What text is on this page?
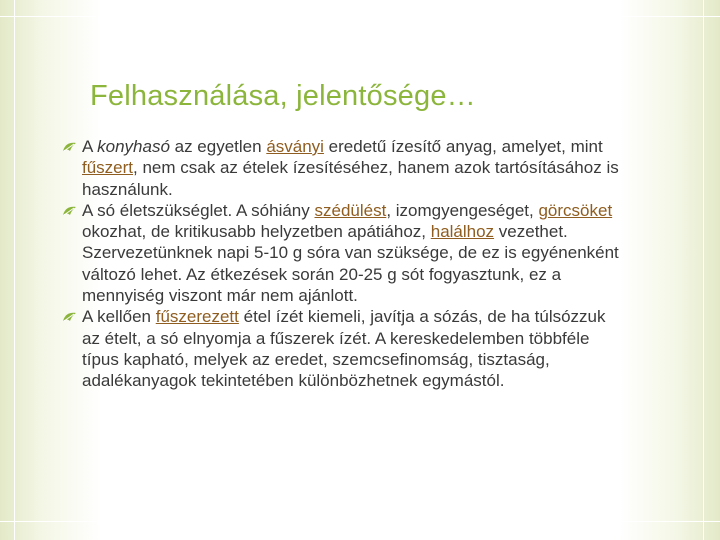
Felhasználása, jelentősége…
A konyhasó az egyetlen ásványi eredetű ízesítő anyag, amelyet, mint fűszert, nem csak az ételek ízesítéséhez, hanem azok tartósításához is használunk.
A só életszükséglet. A sóhiány szédülést, izomgyengeséget, görcsöket okozhat, de kritikusabb helyzetben apátiához, halálhoz vezethet. Szervezetünknek napi 5-10 g sóra van szüksége, de ez is egyénenként változó lehet. Az étkezések során 20-25 g sót fogyasztunk, ez a mennyiség viszont már nem ajánlott.
A kellően fűszerezett étel ízét kiemeli, javítja a sózás, de ha túlsózzuk az ételt, a só elnyomja a fűszerek ízét. A kereskedelemben többféle típus kapható, melyek az eredet, szemcsefinomság, tisztaság, adalékanyagok tekintetében különbözhetnek egymástól.
